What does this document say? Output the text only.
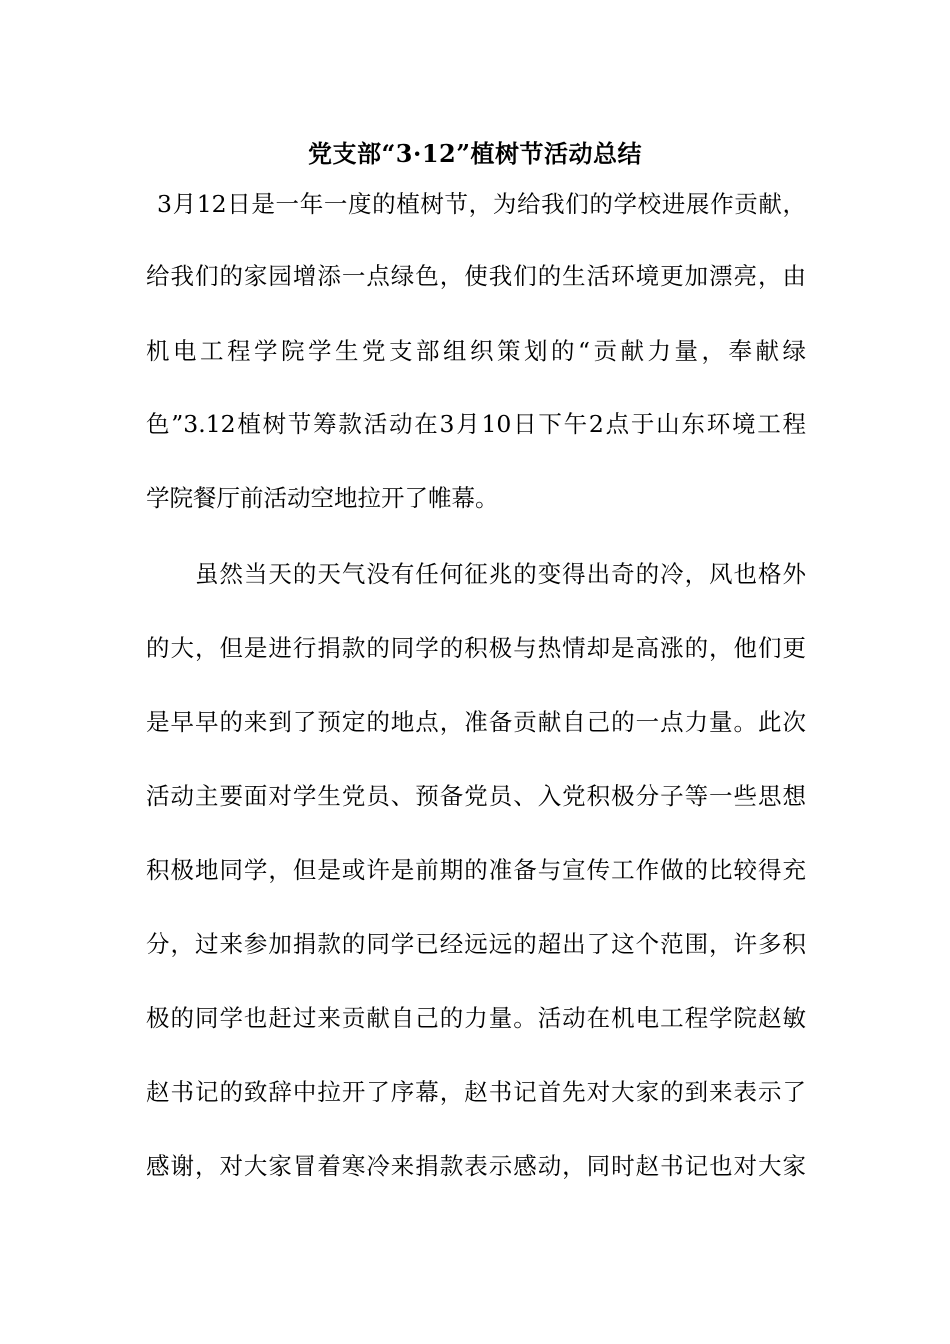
党支部“3·12”植树节活动总结
3月12日是一年一度的植树节，为给我们的学校进展作贡献，
给我们的家园增添一点绿色，使我们的生活环境更加漂亮，由
机电工程学院学生党支部组织策划的“贡献力量，奉献绿
色”3.12植树节筹款活动在3月10日下午2点于山东环境工程
学院餐厅前活动空地拉开了帷幕。
虽然当天的天气没有任何征兆的变得出奇的冷，风也格外
的大，但是进行捐款的同学的积极与热情却是高涨的，他们更
是早早的来到了预定的地点，准备贡献自己的一点力量。此次
活动主要面对学生党员、预备党员、入党积极分子等一些思想
积极地同学，但是或许是前期的准备与宣传工作做的比较得充
分，过来参加捐款的同学已经远远的超出了这个范围，许多积
极的同学也赶过来贡献自己的力量。活动在机电工程学院赵敏
赵书记的致辞中拉开了序幕，赵书记首先对大家的到来表示了
感谢，对大家冒着寒冷来捐款表示感动，同时赵书记也对大家
